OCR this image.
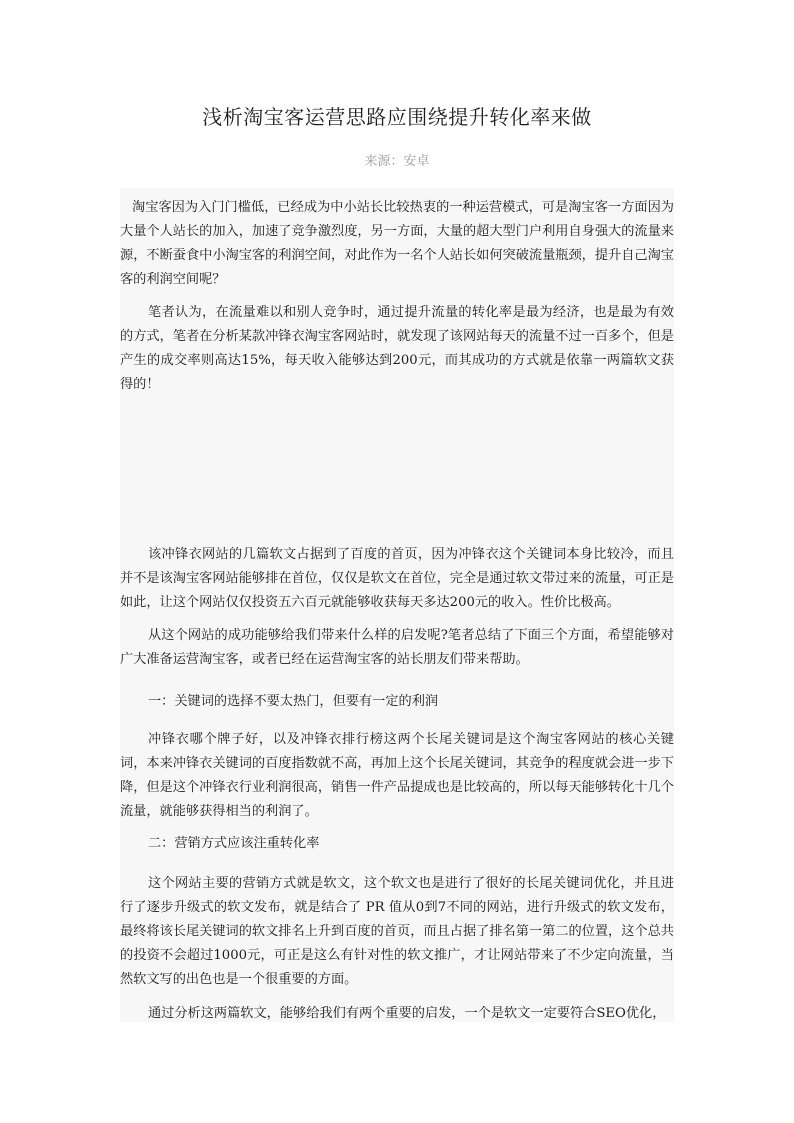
浅析淘宝客运营思路应围绕提升转化率来做
来源：安卓

淘宝客因为入门门槛低，已经成为中小站长比较热衷的一种运营模式，可是淘宝客一方面因为大量个人站长的加入，加速了竞争激烈度，另一方面，大量的超大型门户利用自身强大的流量来源，不断蚕食中小淘宝客的利润空间，对此作为一名个人站长如何突破流量瓶颈，提升自己淘宝客的利润空间呢？

笔者认为，在流量难以和别人竞争时，通过提升流量的转化率是最为经济，也是最为有效的方式，笔者在分析某款冲锋衣淘宝客网站时，就发现了该网站每天的流量不过一百多个，但是产生的成交率则高达15%，每天收入能够达到200元，而其成功的方式就是依靠一两篇软文获得的！

该冲锋衣网站的几篇软文占据到了百度的首页，因为冲锋衣这个关键词本身比较冷，而且并不是该淘宝客网站能够排在首位，仅仅是软文在首位，完全是通过软文带过来的流量，可正是如此，让这个网站仅仅投资五六百元就能够收获每天多达200元的收入。性价比极高。

从这个网站的成功能够给我们带来什么样的启发呢?笔者总结了下面三个方面，希望能够对广大准备运营淘宝客，或者已经在运营淘宝客的站长朋友们带来帮助。

一：关键词的选择不要太热门，但要有一定的利润

冲锋衣哪个牌子好，以及冲锋衣排行榜这两个长尾关键词是这个淘宝客网站的核心关键词，本来冲锋衣关键词的百度指数就不高，再加上这个长尾关键词，其竞争的程度就会进一步下降，但是这个冲锋衣行业利润很高，销售一件产品提成也是比较高的，所以每天能够转化十几个流量，就能够获得相当的利润了。

二：营销方式应该注重转化率

这个网站主要的营销方式就是软文，这个软文也是进行了很好的长尾关键词优化，并且进行了逐步升级式的软文发布，就是结合了 PR 值从0到7不同的网站，进行升级式的软文发布，最终将该长尾关键词的软文排名上升到百度的首页，而且占据了排名第一第二的位置，这个总共的投资不会超过1000元，可正是这么有针对性的软文推广，才让网站带来了不少定向流量，当然软文写的出色也是一个很重要的方面。

通过分析这两篇软文，能够给我们有两个重要的启发，一个是软文一定要符合SEO优化，
